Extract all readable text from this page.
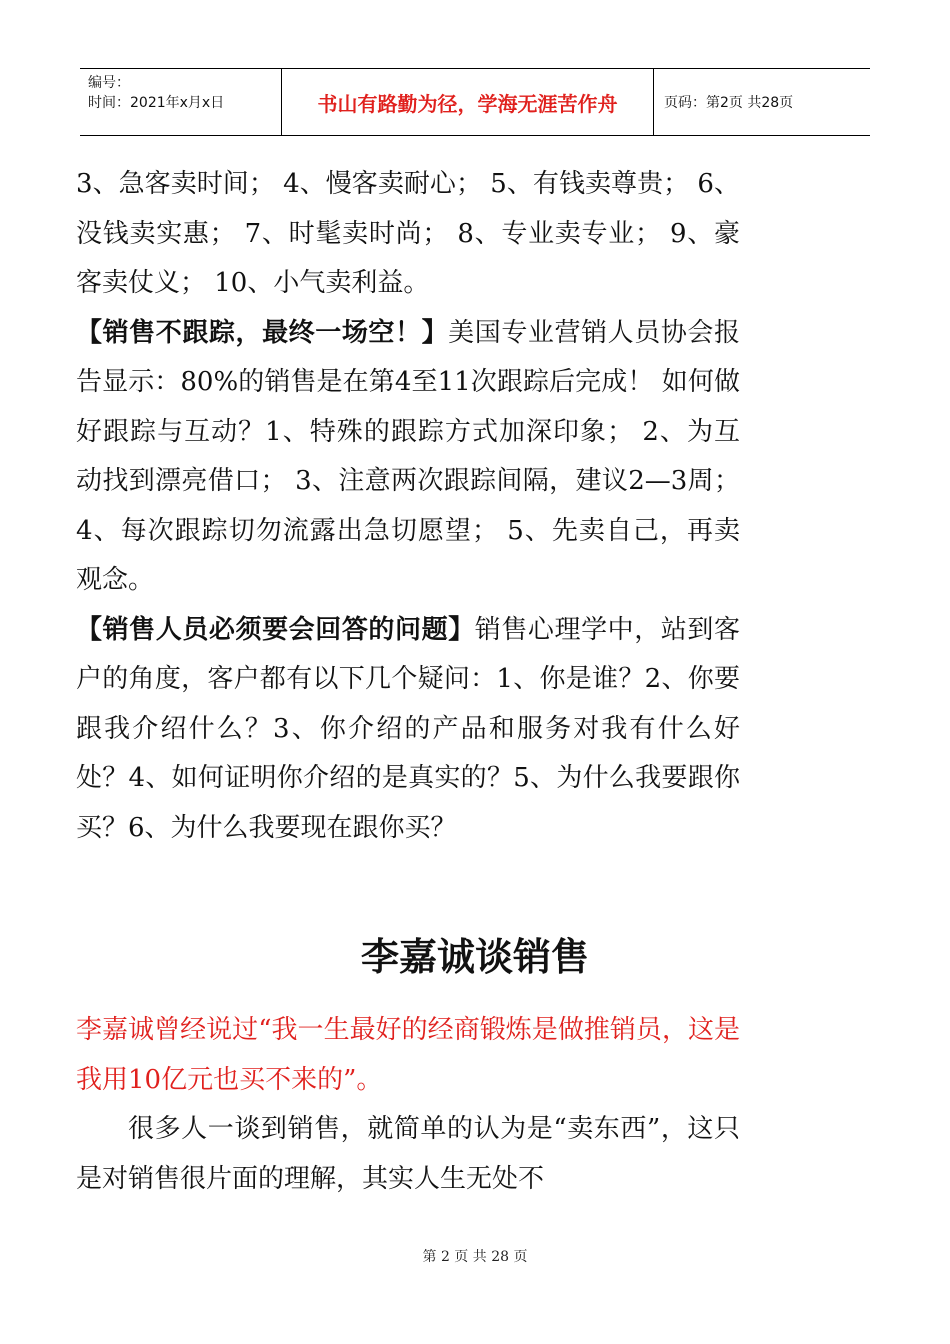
编号：
时间：2021年x月x日	书山有路勤为径，学海无涯苦作舟	页码：第2页 共28页

3、急客卖时间； 4、慢客卖耐心； 5、有钱卖尊贵； 6、没钱卖实惠； 7、时髦卖时尚； 8、专业卖专业； 9、豪客卖仗义； 10、小气卖利益。

【销售不跟踪，最终一场空！】美国专业营销人员协会报告显示：80%的销售是在第4至11次跟踪后完成！ 如何做好跟踪与互动？1、特殊的跟踪方式加深印象； 2、为互动找到漂亮借口； 3、注意两次跟踪间隔，建议2—3周； 4、每次跟踪切勿流露出急切愿望； 5、先卖自己，再卖观念。

【销售人员必须要会回答的问题】销售心理学中，站到客户的角度，客户都有以下几个疑问：1、你是谁？2、你要跟我介绍什么？3、你介绍的产品和服务对我有什么好处？4、如何证明你介绍的是真实的？5、为什么我要跟你买？6、为什么我要现在跟你买？

李嘉诚谈销售

李嘉诚曾经说过“我一生最好的经商锻炼是做推销员，这是我用10亿元也买不来的”。

很多人一谈到销售，就简单的认为是“卖东西”，这只是对销售很片面的理解，其实人生无处不

第 2 页 共 28 页
